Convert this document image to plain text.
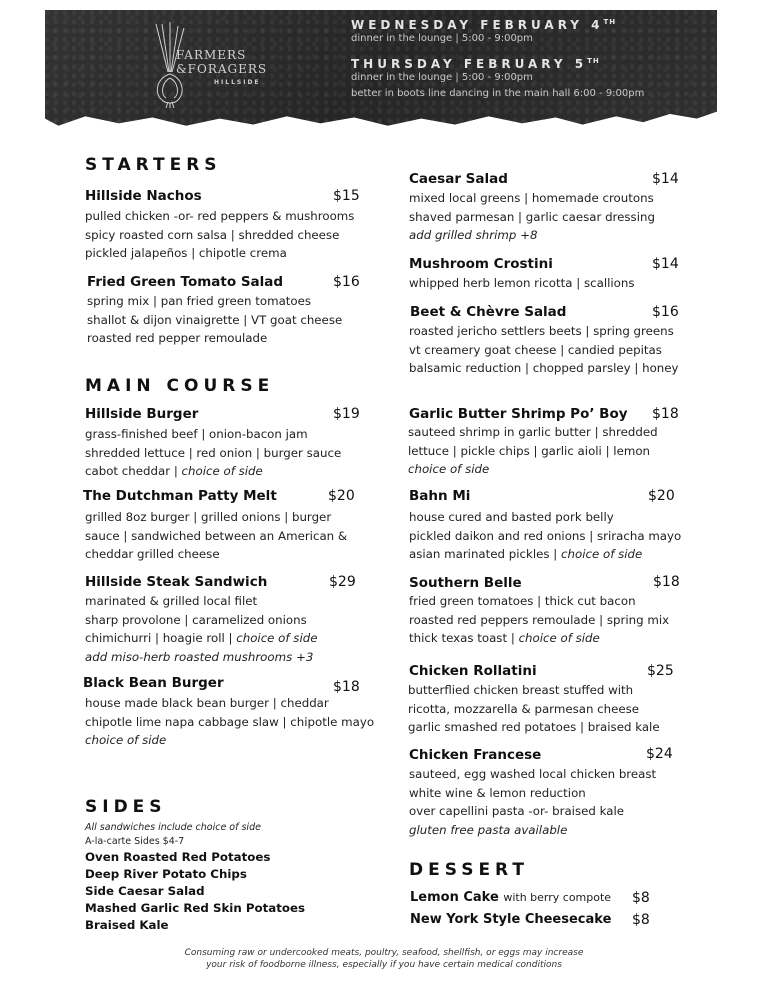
FARMERS
&FORAGERS
HILLSIDE
WEDNESDAY FEBRUARY 4TH
dinner in the lounge | 5:00 - 9:00pm
THURSDAY FEBRUARY 5TH
dinner in the lounge | 5:00 - 9:00pm
better in boots line dancing in the main hall 6:00 - 9:00pm
STARTERS
Hillside Nachos	$15
pulled chicken -or- red peppers & mushrooms
spicy roasted corn salsa | shredded cheese
pickled jalapeños | chipotle crema
Fried Green Tomato Salad	$16
spring mix | pan fried green tomatoes
shallot & dijon vinaigrette | VT goat cheese
roasted red pepper remoulade
Caesar Salad	$14
mixed local greens | homemade croutons
shaved parmesan | garlic caesar dressing
add grilled shrimp +8
Mushroom Crostini	$14
whipped herb lemon ricotta | scallions
Beet & Chèvre Salad	$16
roasted jericho settlers beets | spring greens
vt creamery goat cheese | candied pepitas
balsamic reduction | chopped parsley | honey
MAIN COURSE
Hillside Burger	$19
grass-finished beef | onion-bacon jam
shredded lettuce | red onion | burger sauce
cabot cheddar | choice of side
The Dutchman Patty Melt	$20
grilled 8oz burger | grilled onions | burger
sauce | sandwiched between an American &
cheddar grilled cheese
Hillside Steak Sandwich	$29
marinated & grilled local filet
sharp provolone | caramelized onions
chimichurri | hoagie roll | choice of side
add miso-herb roasted mushrooms +3
Black Bean Burger	$18
house made black bean burger | cheddar
chipotle lime napa cabbage slaw | chipotle mayo
choice of side
Garlic Butter Shrimp Po’ Boy $18
sauteed shrimp in garlic butter | shredded
lettuce | pickle chips | garlic aioli | lemon
choice of side
Bahn Mi	$20
house cured and basted pork belly
pickled daikon and red onions | sriracha mayo
asian marinated pickles | choice of side
Southern Belle	$18
fried green tomatoes | thick cut bacon
roasted red peppers remoulade | spring mix
thick texas toast | choice of side
Chicken Rollatini	$25
butterflied chicken breast stuffed with
ricotta, mozzarella & parmesan cheese
garlic smashed red potatoes | braised kale
Chicken Francese	$24
sauteed, egg washed local chicken breast
white wine & lemon reduction
over capellini pasta -or- braised kale
gluten free pasta available
SIDES
All sandwiches include choice of side
A-la-carte Sides $4-7
Oven Roasted Red Potatoes
Deep River Potato Chips
Side Caesar Salad
Mashed Garlic Red Skin Potatoes
Braised Kale
DESSERT
Lemon Cake with berry compote $8
New York Style Cheesecake $8
Consuming raw or undercooked meats, poultry, seafood, shellfish, or eggs may increase
your risk of foodborne illness, especially if you have certain medical conditions
